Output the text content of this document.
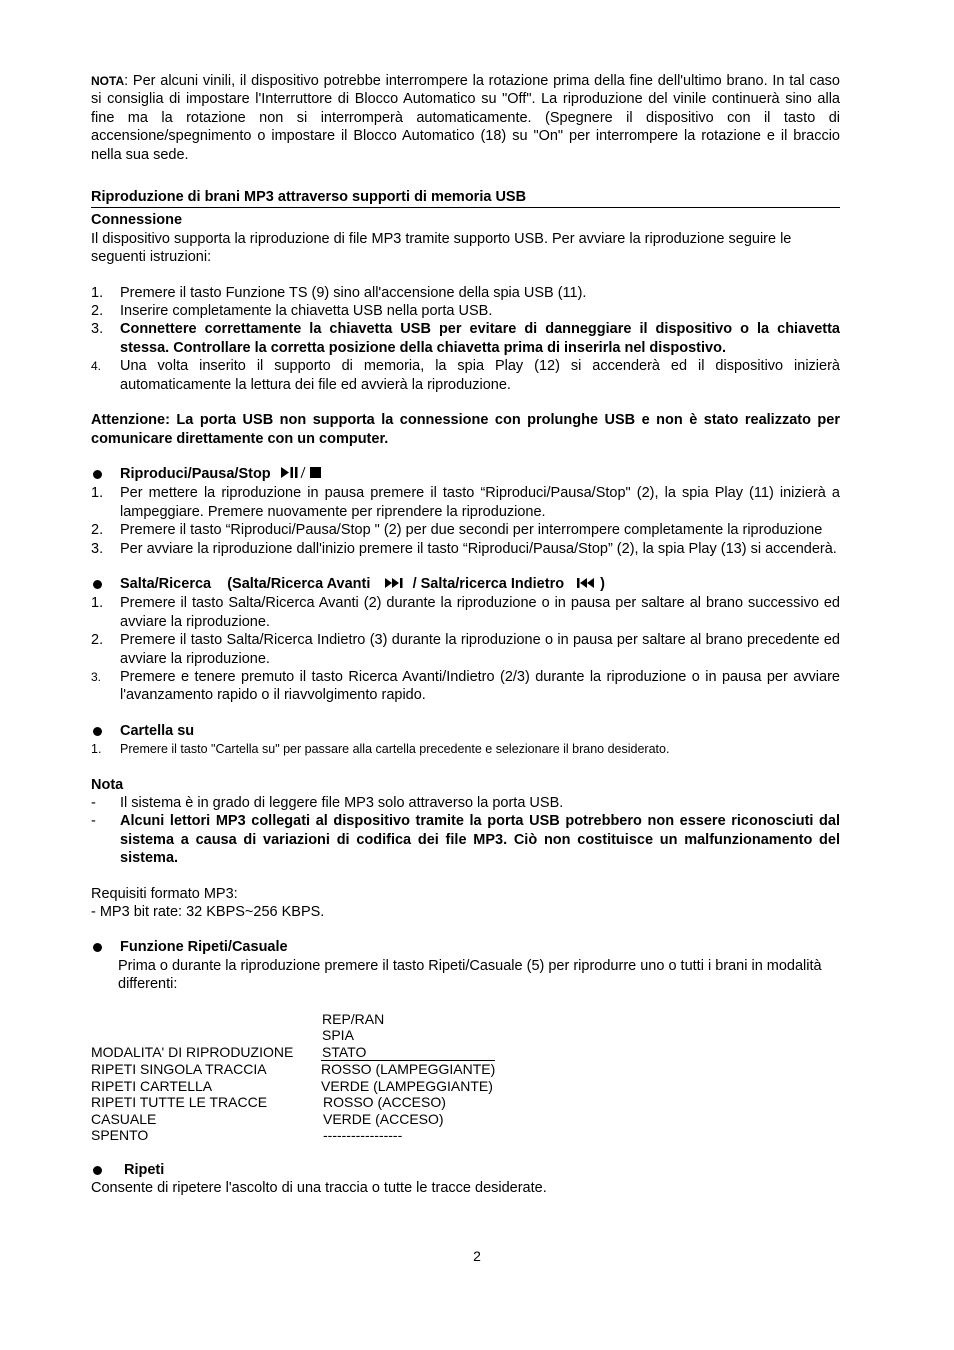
NOTA: Per alcuni vinili, il dispositivo potrebbe interrompere la rotazione prima della fine dell'ultimo brano. In tal caso si consiglia di impostare l'Interruttore di Blocco Automatico su "Off". La riproduzione del vinile continuerà sino alla fine ma la rotazione non si interromperà automaticamente. (Spegnere il dispositivo con il tasto di accensione/spegnimento o impostare il Blocco Automatico (18) su "On" per interrompere la rotazione e il braccio nella sua sede.

Riproduzione di brani MP3 attraverso supporti di memoria USB
Connessione

Il dispositivo supporta la riproduzione di file MP3 tramite supporto USB. Per avviare la riproduzione seguire le seguenti istruzioni:

1. Premere il tasto Funzione TS (9) sino all'accensione della spia USB (11).
2. Inserire completamente la chiavetta USB nella porta USB.
3. Connettere correttamente la chiavetta USB per evitare di danneggiare il dispositivo o la chiavetta stessa. Controllare la corretta posizione della chiavetta prima di inserirla nel dispostivo.
4. Una volta inserito il supporto di memoria, la spia Play (12) si accenderà ed il dispositivo inizierà automaticamente la lettura dei file ed avvierà la riproduzione.

Attenzione: La porta USB non supporta la connessione con prolunghe USB e non è stato realizzato per comunicare direttamente con un computer.

Riproduci/Pausa/Stop
1. Per mettere la riproduzione in pausa premere il tasto “Riproduci/Pausa/Stop" (2), la spia Play (11) inizierà a lampeggiare. Premere nuovamente per riprendere la riproduzione.
2. Premere il tasto “Riproduci/Pausa/Stop " (2) per due secondi per interrompere completamente la riproduzione
3. Per avviare la riproduzione dall'inizio premere il tasto “Riproduci/Pausa/Stop” (2), la spia Play (13) si accenderà.
Salta/Ricerca (Salta/Ricerca Avanti	/ Salta/ricerca Indietro )
1. Premere il tasto Salta/Ricerca Avanti (2) durante la riproduzione o in pausa per saltare al brano successivo ed avviare la riproduzione.
2. Premere il tasto Salta/Ricerca Indietro (3) durante la riproduzione o in pausa per saltare al brano precedente ed avviare la riproduzione.
3. Premere e tenere premuto il tasto Ricerca Avanti/Indietro (2/3) durante la riproduzione o in pausa per avviare l'avanzamento rapido o il riavvolgimento rapido.
Cartella su
1. Premere il tasto "Cartella su" per passare alla cartella precedente e selezionare il brano desiderato.
Nota
- Il sistema è in grado di leggere file MP3 solo attraverso la porta USB.
- Alcuni lettori MP3 collegati al dispositivo tramite la porta USB potrebbero non essere riconosciuti dal sistema a causa di variazioni di codifica dei file MP3. Ciò non costituisce un malfunzionamento del sistema.
Requisiti formato MP3:
- MP3 bit rate: 32 KBPS~256 KBPS.
Funzione Ripeti/Casuale

Prima o durante la riproduzione premere il tasto Ripeti/Casuale (5) per riprodurre uno o tutti i brani in modalità differenti:

	REP/RAN
	SPIA
MODALITA' DI RIPRODUZIONE	STATO
RIPETI SINGOLA TRACCIA	ROSSO (LAMPEGGIANTE)
RIPETI CARTELLA	VERDE (LAMPEGGIANTE)
RIPETI TUTTE LE TRACCE	ROSSO (ACCESO)
CASUALE	VERDE (ACCESO)
SPENTO	-----------------
Ripeti
Consente di ripetere l'ascolto di una traccia o tutte le tracce desiderate.
2
